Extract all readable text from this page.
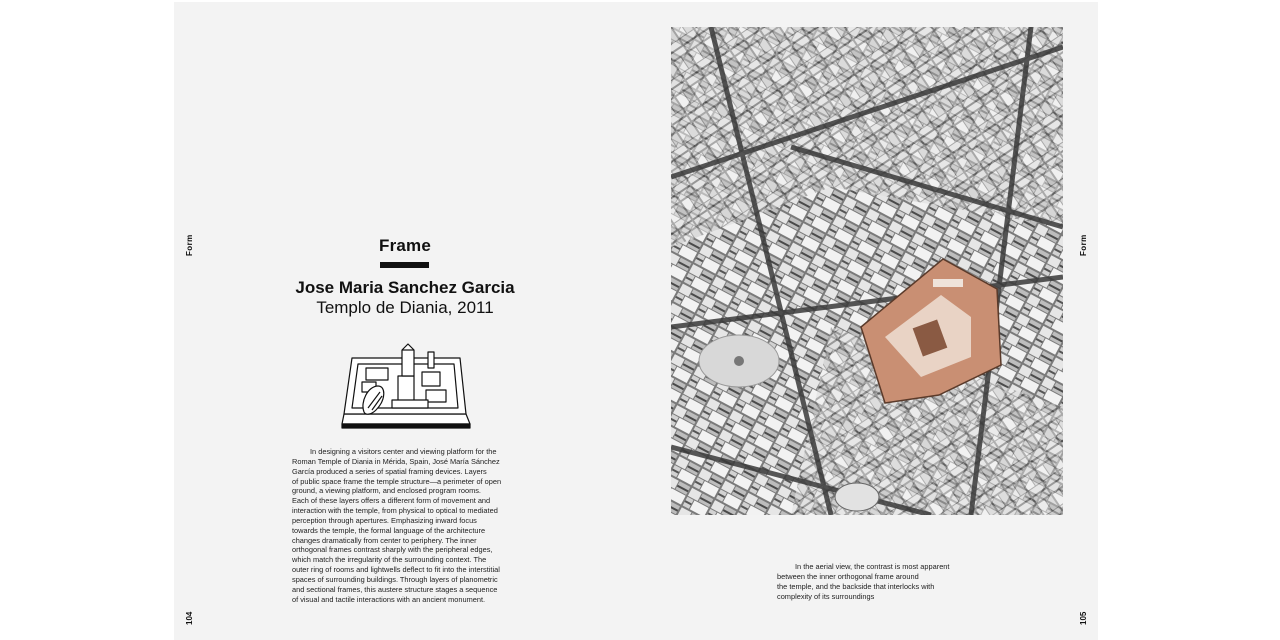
Form	Form
104	105
Frame
Jose Maria Sanchez Garcia
Templo de Diania, 2011
In designing a visitors center and viewing platform for the
Roman Temple of Diania in Mérida, Spain, José María Sánchez
García produced a series of spatial framing devices. Layers
of public space frame the temple structure—a perimeter of open
ground, a viewing platform, and enclosed program rooms.
Each of these layers offers a different form of movement and
interaction with the temple, from physical to optical to mediated
perception through apertures. Emphasizing inward focus
towards the temple, the formal language of the architecture
changes dramatically from center to periphery. The inner
orthogonal frames contrast sharply with the peripheral edges,
which match the irregularity of the surrounding context. The
outer ring of rooms and lightwells deflect to fit into the interstitial
spaces of surrounding buildings. Through layers of planometric
and sectional frames, this austere structure stages a sequence
of visual and tactile interactions with an ancient monument.
In the aerial view, the contrast is most apparent
between the inner orthogonal frame around
the temple, and the backside that interlocks with
complexity of its surroundings
